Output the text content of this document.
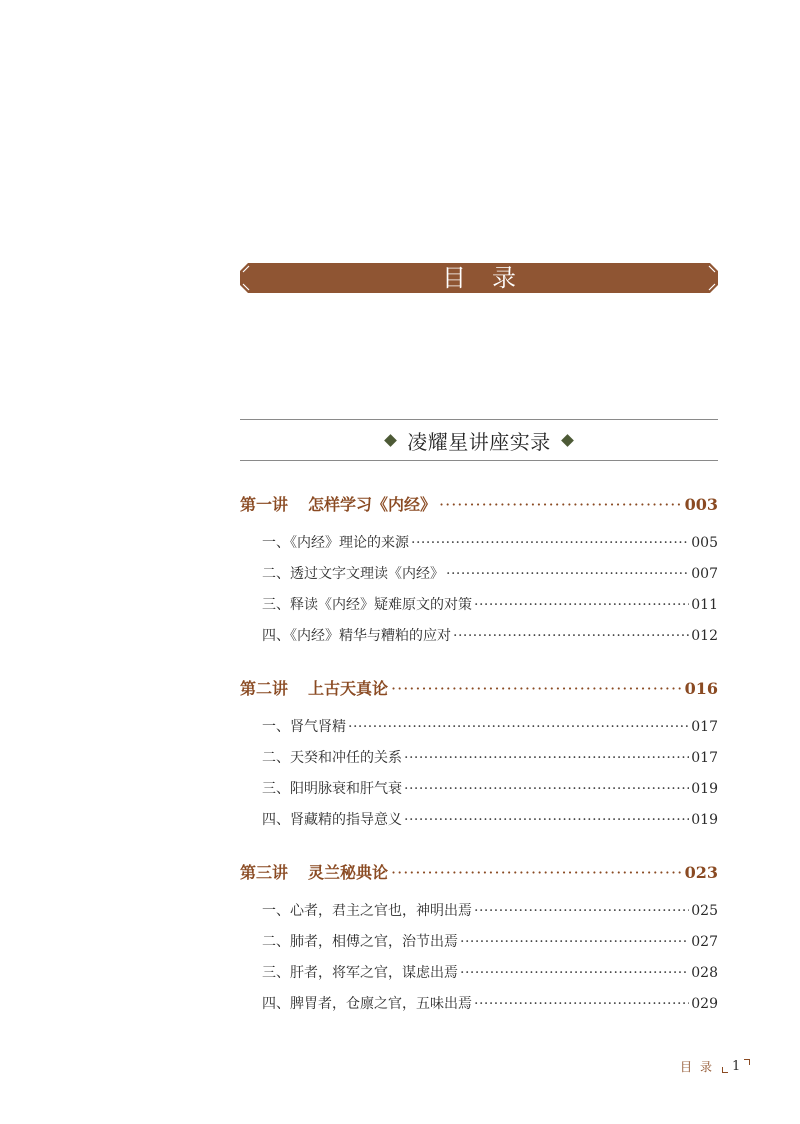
目录
凌耀星讲座实录
第一讲 怎样学习《内经》 ·····	003
一、《内经》理论的来源 ·····	005
二、透过文字文理读《内经》 ·····	007
三、释读《内经》疑难原文的对策 ·····	011
四、《内经》精华与糟粕的应对 ·····	012
第二讲 上古天真论 ·····	016
一、肾气肾精 ·····	017
二、天癸和冲任的关系 ·····	017
三、阳明脉衰和肝气衰 ·····	019
四、肾藏精的指导意义 ·····	019
第三讲 灵兰秘典论 ·····	023
一、心者，君主之官也，神明出焉 ·····	025
二、肺者，相傅之官，治节出焉 ·····	027
三、肝者，将军之官，谋虑出焉 ·····	028
四、脾胃者，仓廪之官，五味出焉 ·····	029
目录 1
